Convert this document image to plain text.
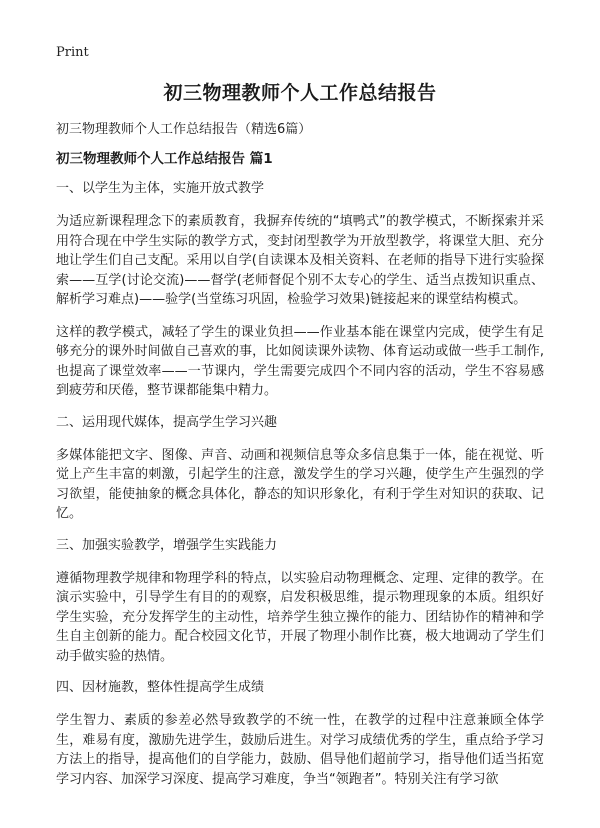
Print
初三物理教师个人工作总结报告
初三物理教师个人工作总结报告（精选6篇）
初三物理教师个人工作总结报告 篇1
一、以学生为主体，实施开放式教学

为适应新课程理念下的素质教育，我摒弃传统的“填鸭式”的教学模式，不断探索并采用符合现在中学生实际的教学方式，变封闭型教学为开放型教学，将课堂大胆、充分地让学生们自己支配。采用以自学(自读课本及相关资料、在老师的指导下进行实验探索——互学(讨论交流)——督学(老师督促个别不太专心的学生、适当点拨知识重点、解析学习难点)——验学(当堂练习巩固，检验学习效果)链接起来的课堂结构模式。

这样的教学模式，减轻了学生的课业负担——作业基本能在课堂内完成，使学生有足够充分的课外时间做自己喜欢的事，比如阅读课外读物、体育运动或做一些手工制作,也提高了课堂效率——一节课内，学生需要完成四个不同内容的活动，学生不容易感到疲劳和厌倦，整节课都能集中精力。

二、运用现代媒体，提高学生学习兴趣

多媒体能把文字、图像、声音、动画和视频信息等众多信息集于一体，能在视觉、听觉上产生丰富的刺激，引起学生的注意，激发学生的学习兴趣，使学生产生强烈的学习欲望，能使抽象的概念具体化，静态的知识形象化，有利于学生对知识的获取、记忆。

三、加强实验教学，增强学生实践能力

遵循物理教学规律和物理学科的特点，以实验启动物理概念、定理、定律的教学。在演示实验中，引导学生有目的的观察，启发积极思维，提示物理现象的本质。组织好学生实验，充分发挥学生的主动性，培养学生独立操作的能力、团结协作的精神和学生自主创新的能力。配合校园文化节，开展了物理小制作比赛，极大地调动了学生们动手做实验的热情。

四、因材施教，整体性提高学生成绩

学生智力、素质的参差必然导致教学的不统一性，在教学的过程中注意兼顾全体学生，难易有度，激励先进学生，鼓励后进生。对学习成绩优秀的学生，重点给予学习方法上的指导，提高他们的自学能力，鼓励、倡导他们超前学习，指导他们适当拓宽学习内容、加深学习深度、提高学习难度，争当“领跑者”。特别关注有学习欲
